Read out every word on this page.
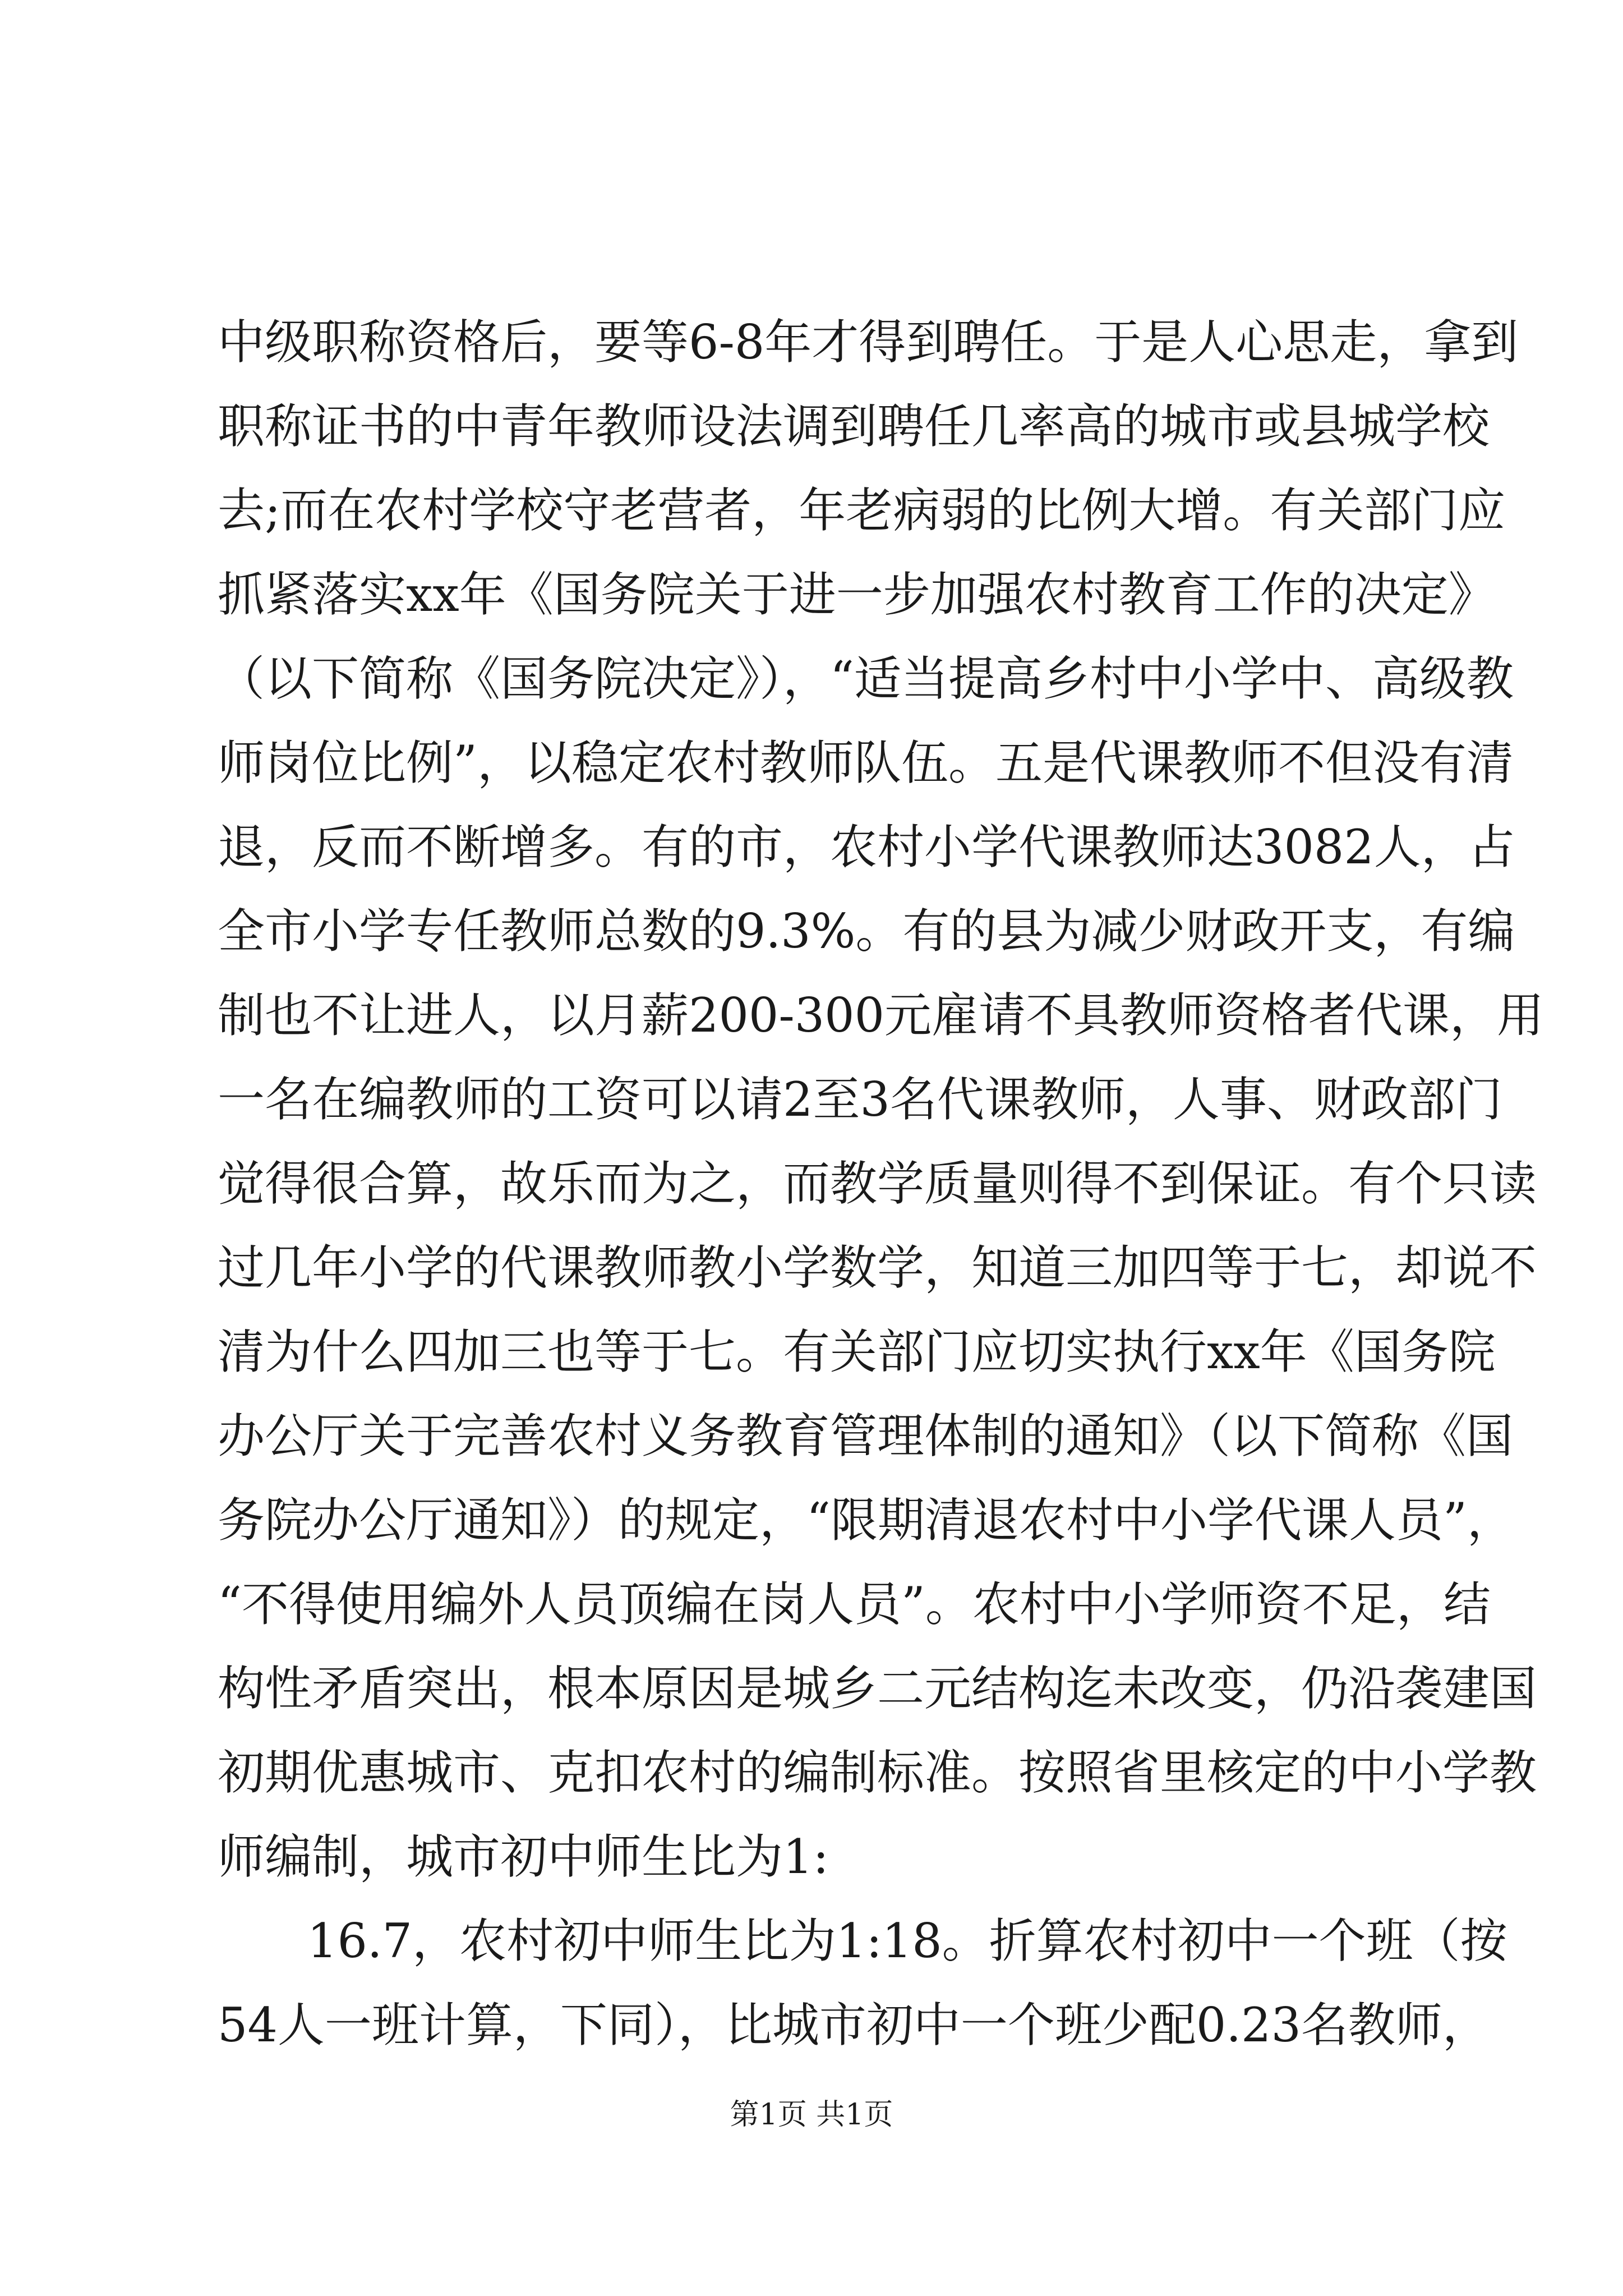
中级职称资格后，要等6-8年才得到聘任。于是人心思走，拿到
职称证书的中青年教师设法调到聘任几率高的城市或县城学校
去;而在农村学校守老营者，年老病弱的比例大增。有关部门应
抓紧落实xx年《国务院关于进一步加强农村教育工作的决定》
（以下简称《国务院决定》），“适当提高乡村中小学中、高级教
师岗位比例”，以稳定农村教师队伍。五是代课教师不但没有清
退，反而不断增多。有的市，农村小学代课教师达3082人，占
全市小学专任教师总数的9.3%。有的县为减少财政开支，有编
制也不让进人，以月薪200-300元雇请不具教师资格者代课，用
一名在编教师的工资可以请2至3名代课教师，人事、财政部门
觉得很合算，故乐而为之，而教学质量则得不到保证。有个只读
过几年小学的代课教师教小学数学，知道三加四等于七，却说不
清为什么四加三也等于七。有关部门应切实执行xx年《国务院
办公厅关于完善农村义务教育管理体制的通知》（以下简称《国
务院办公厅通知》）的规定，“限期清退农村中小学代课人员”，
“不得使用编外人员顶编在岗人员”。农村中小学师资不足，结
构性矛盾突出，根本原因是城乡二元结构迄未改变，仍沿袭建国
初期优惠城市、克扣农村的编制标准。按照省里核定的中小学教
师编制，城市初中师生比为1:
16.7，农村初中师生比为1:18。折算农村初中一个班（按
54人一班计算，下同），比城市初中一个班少配0.23名教师，
第1页 共1页
